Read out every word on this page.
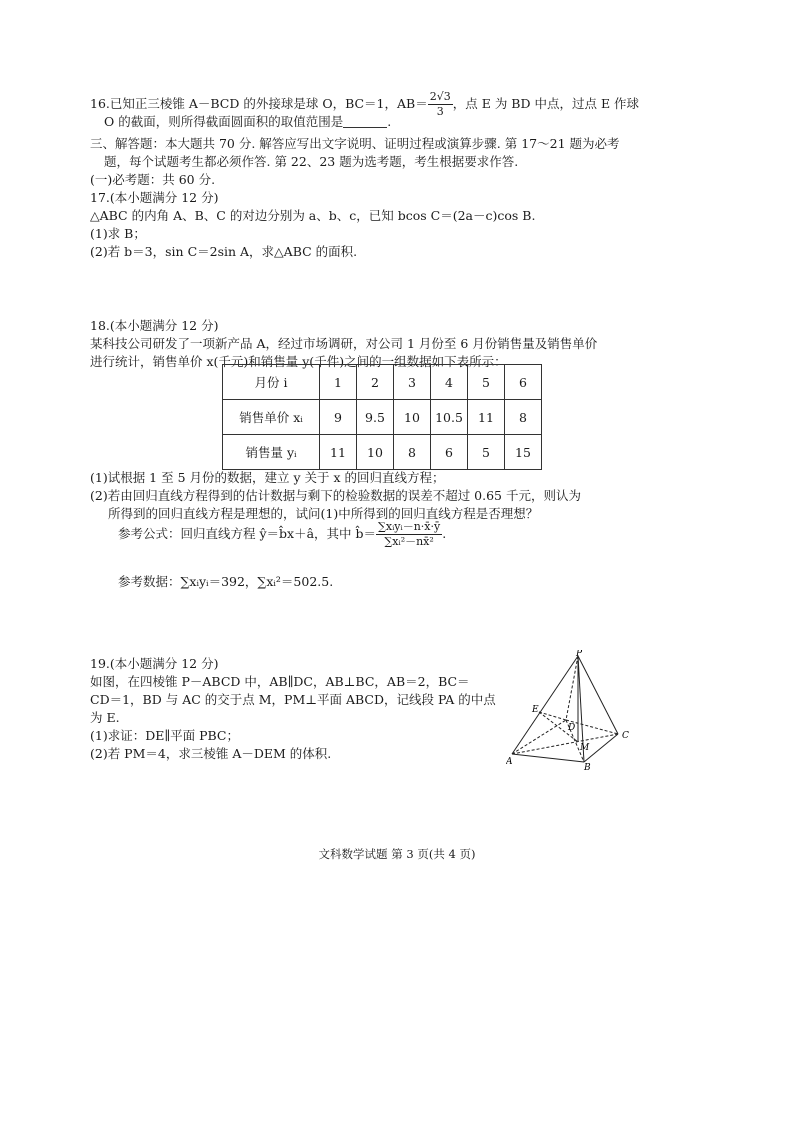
16.已知正三棱锥 A－BCD 的外接球是球 O，BC＝1，$AB= \frac{2√3}{3}$ ，点 E 为 BD 中点，过点 E 作球
O 的截面，则所得截面圆面积的取值范围是	.
三、解答题：本大题共 70 分. 解答应写出文字说明、证明过程或演算步骤. 第 17～21 题为必考
题，每个试题考生都必须作答. 第 22、23 题为选考题，考生根据要求作答.
(一)必考题：共 60 分.
17.(本小题满分 12 分)
△ABC 的内角 A、B、C 的对边分别为 a、b、c，已知 bcos C＝(2a－c)cos B.
(1)求 B；
(2)若 b＝3，sin C＝2sin A，求△ABC 的面积.
18.(本小题满分 12 分)
某科技公司研发了一项新产品 A，经过市场调研，对公司 1 月份至 6 月份销售量及销售单价
进行统计，销售单价 x(千元)和销售量 y(千件)之间的一组数据如下表所示：
月份 i	1	2	3	4	5	6
销售单价 xᵢ	9	9.5	10	10.5	11	8
销售量 yᵢ	11	10	8	6	5	15
(1)试根据 1 至 5 月份的数据，建立 y 关于 x 的回归直线方程；
(2)若由回归直线方程得到的估计数据与剩下的检验数据的误差不超过 0.65 千元，则认为
所得到的回归直线方程是理想的，试问(1)中所得到的回归直线方程是否理想？
参考公式：回归直线方程 ŷ＝b̂x＋â，其中 b̂＝ $\frac{\text{∑xᵢyᵢ－n·x̄·ȳ}}{\text{∑xᵢ²－nx̄²}}$ .
参考数据：∑xᵢyᵢ＝392，∑xᵢ²＝502.5.
19.(本小题满分 12 分)
如图，在四棱锥 P－ABCD 中，AB∥DC，AB⊥BC，AB＝2，BC＝
CD＝1，BD 与 AC 的交于点 M，PM⊥平面 ABCD，记线段 PA 的中点
为 E.
(1)求证：DE∥平面 PBC；
(2)若 PM＝4，求三棱锥 A－DEM 的体积.
P
A
B
C
D
E
M
文科数学试题 第 3 页(共 4 页)
